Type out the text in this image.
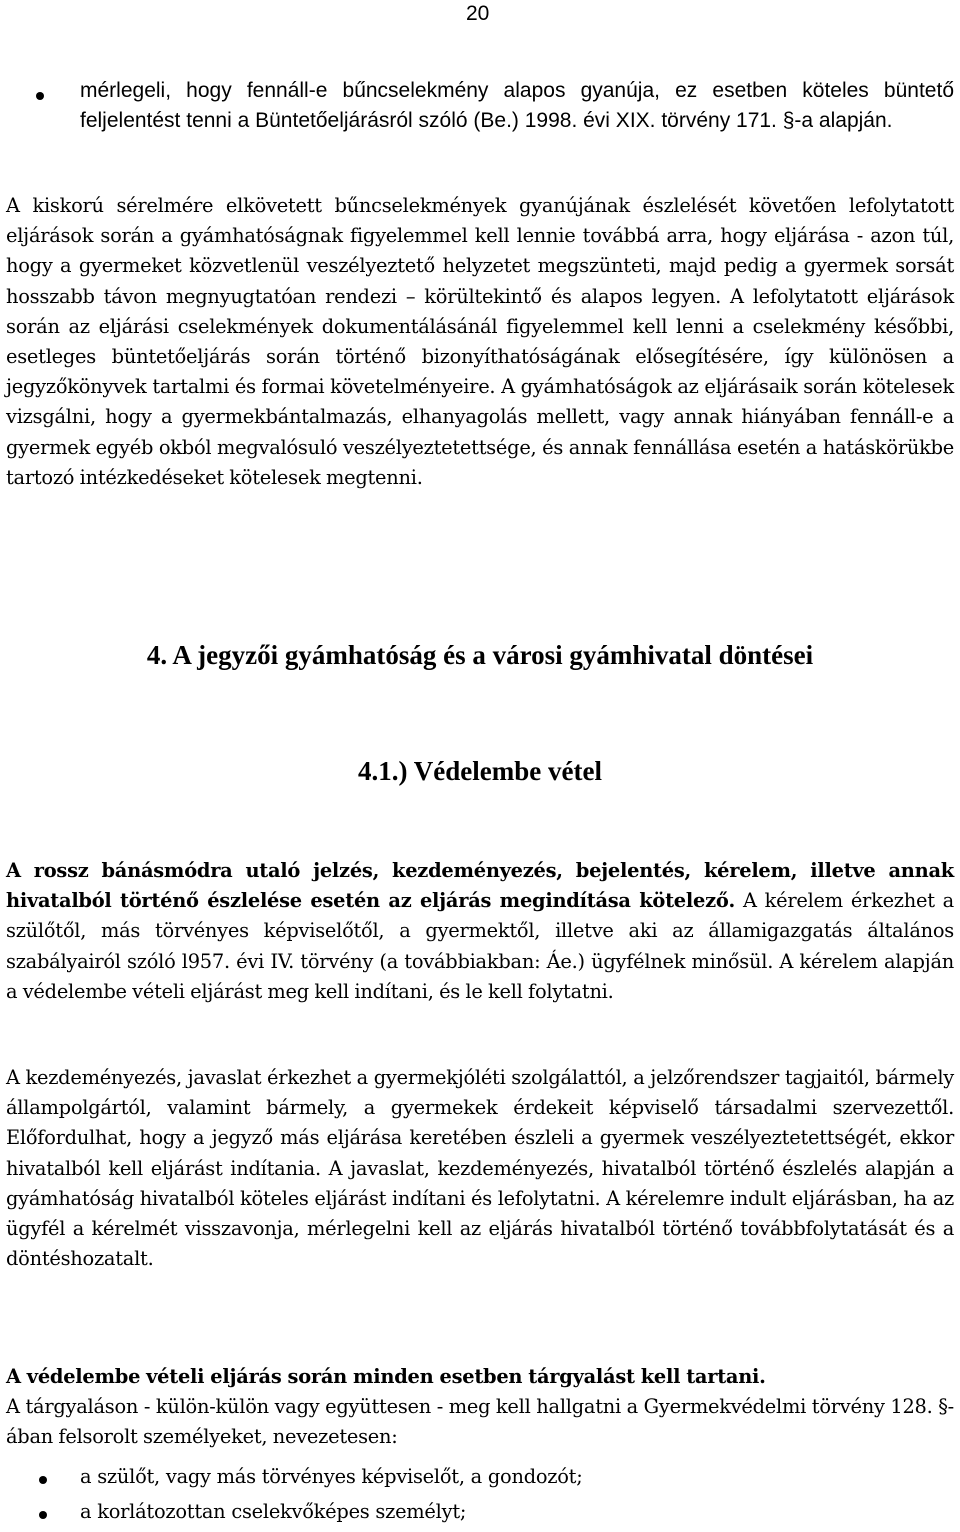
20

mérlegeli, hogy fennáll-e bűncselekmény alapos gyanúja, ez esetben köteles büntető feljelentést tenni a Büntetőeljárásról szóló (Be.) 1998. évi XIX. törvény 171. §-a alapján.

A kiskorú sérelmére elkövetett bűncselekmények gyanújának észlelését követően lefolytatott eljárások során a gyámhatóságnak figyelemmel kell lennie továbbá arra, hogy eljárása - azon túl, hogy a gyermeket közvetlenül veszélyeztető helyzetet megszünteti, majd pedig a gyermek sorsát hosszabb távon megnyugtatóan rendezi – körültekintő és alapos legyen. A lefolytatott eljárások során az eljárási cselekmények dokumentálásánál figyelemmel kell lenni a cselekmény későbbi, esetleges büntetőeljárás során történő bizonyíthatóságának elősegítésére, így különösen a jegyzőkönyvek tartalmi és formai követelményeire. A gyámhatóságok az eljárásaik során kötelesek vizsgálni, hogy a gyermekbántalmazás, elhanyagolás mellett, vagy annak hiányában fennáll-e a gyermek egyéb okból megvalósuló veszélyeztetettsége, és annak fennállása esetén a hatáskörükbe tartozó intézkedéseket kötelesek megtenni.

4. A jegyzői gyámhatóság és a városi gyámhivatal döntései
4.1.) Védelembe vétel

A rossz bánásmódra utaló jelzés, kezdeményezés, bejelentés, kérelem, illetve annak hivatalból történő észlelése esetén az eljárás megindítása kötelező. A kérelem érkezhet a szülőtől, más törvényes képviselőtől, a gyermektől, illetve aki az államigazgatás általános szabályairól szóló l957. évi IV. törvény (a továbbiakban: Áe.) ügyfélnek minősül. A kérelem alapján a védelembe vételi eljárást meg kell indítani, és le kell folytatni.

A kezdeményezés, javaslat érkezhet a gyermekjóléti szolgálattól, a jelzőrendszer tagjaitól, bármely állampolgártól, valamint bármely, a gyermekek érdekeit képviselő társadalmi szervezettől. Előfordulhat, hogy a jegyző más eljárása keretében észleli a gyermek veszélyeztetettségét, ekkor hivatalból kell eljárást indítania. A javaslat, kezdeményezés, hivatalból történő észlelés alapján a gyámhatóság hivatalból köteles eljárást indítani és lefolytatni. A kérelemre indult eljárásban, ha az ügyfél a kérelmét visszavonja, mérlegelni kell az eljárás hivatalból történő továbbfolytatását és a döntéshozatalt.

A védelembe vételi eljárás során minden esetben tárgyalást kell tartani.
A tárgyaláson - külön-külön vagy együttesen - meg kell hallgatni a Gyermekvédelmi törvény 128. §-ában felsorolt személyeket, nevezetesen:

a szülőt, vagy más törvényes képviselőt, a gondozót;
a korlátozottan cselekvőképes személyt;
